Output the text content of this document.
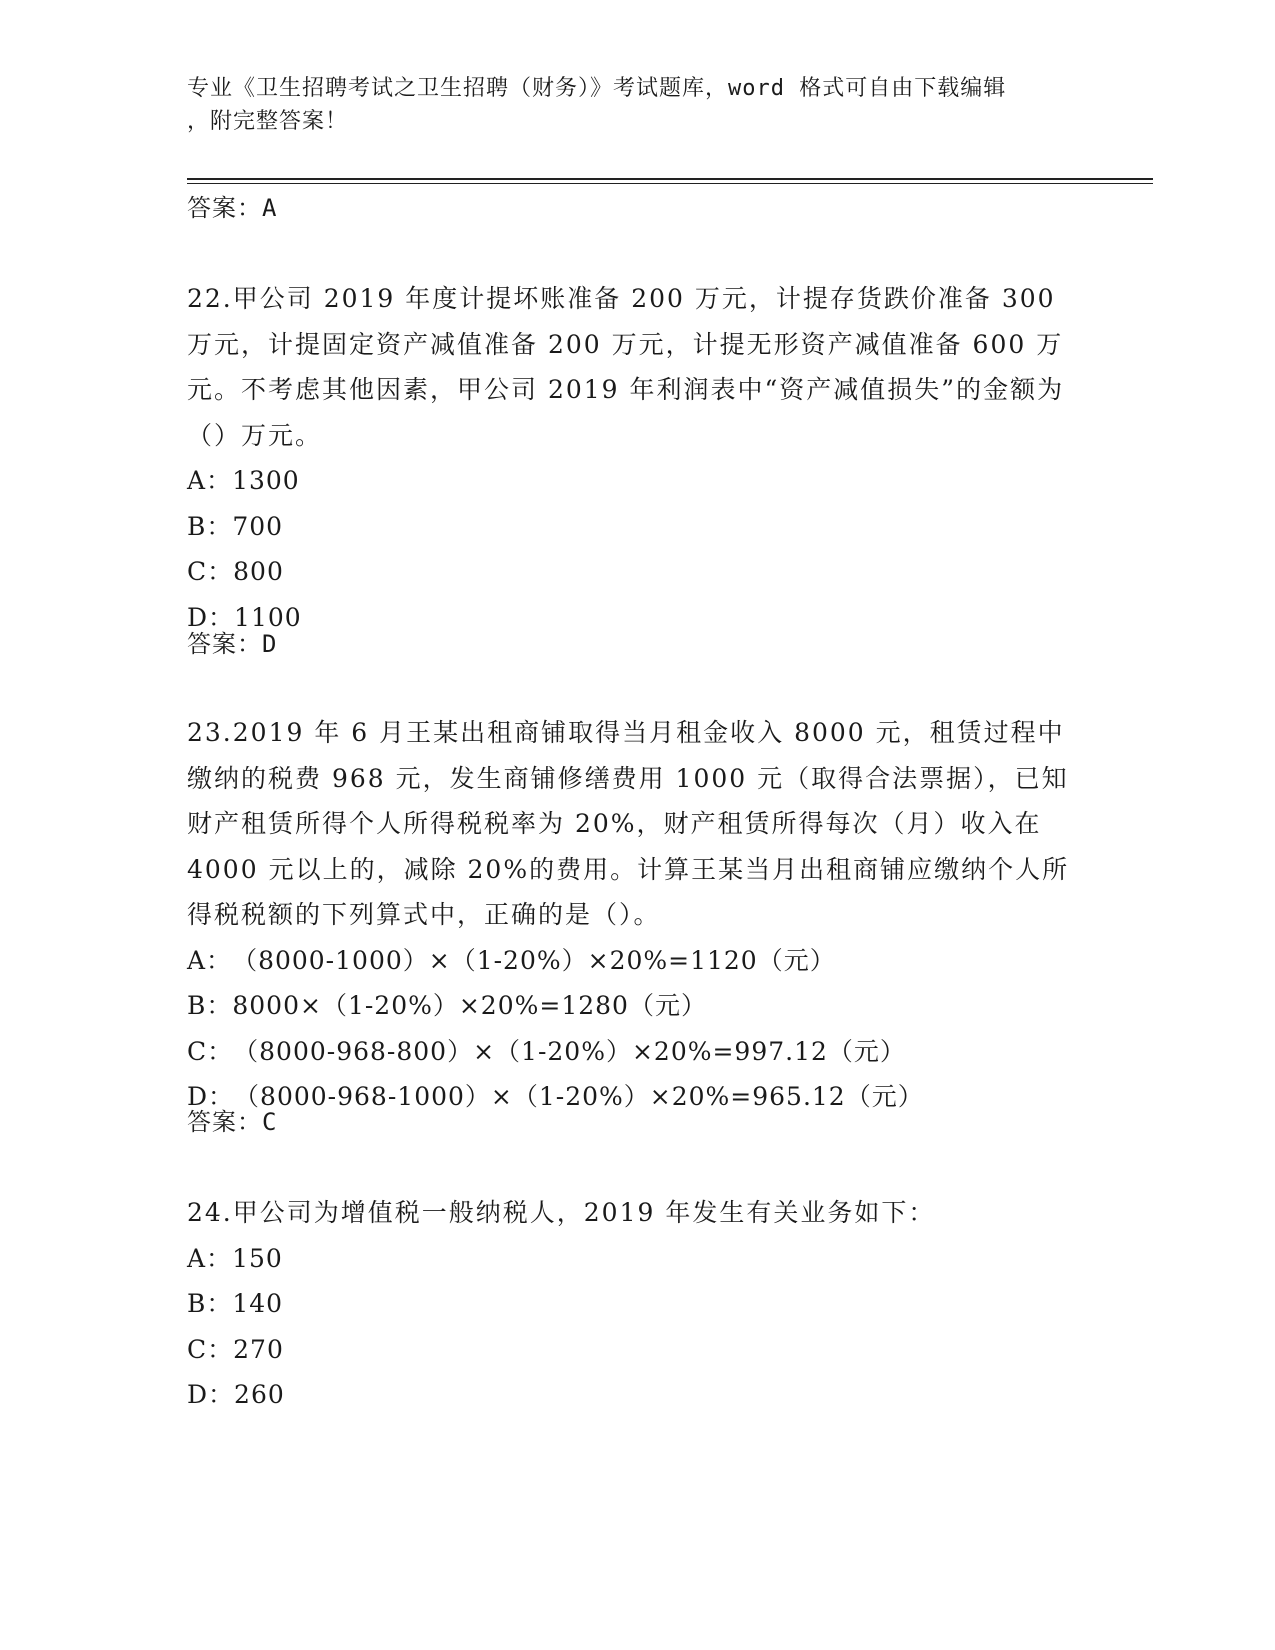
专业《卫生招聘考试之卫生招聘（财务）》考试题库，word 格式可自由下载编辑
，附完整答案！
答案：A

22.甲公司 2019 年度计提坏账准备 200 万元，计提存货跌价准备 300 万元，计提固定资产减值准备 200 万元，计提无形资产减值准备 600 万元。不考虑其他因素，甲公司 2019 年利润表中“资产减值损失”的金额为（）万元。

A：1300
B：700
C：800
D：1100
答案：D

23.2019 年 6 月王某出租商铺取得当月租金收入 8000 元，租赁过程中缴纳的税费 968 元，发生商铺修缮费用 1000 元（取得合法票据），已知财产租赁所得个人所得税税率为 20%，财产租赁所得每次（月）收入在 4000 元以上的，减除 20%的费用。计算王某当月出租商铺应缴纳个人所得税税额的下列算式中，正确的是（）。

A：（8000-1000）×（1-20%）×20%=1120（元）
B：8000×（1-20%）×20%=1280（元）
C：（8000-968-800）×（1-20%）×20%=997.12（元）
D：（8000-968-1000）×（1-20%）×20%=965.12（元）
答案：C

24.甲公司为增值税一般纳税人，2019 年发生有关业务如下：

A：150
B：140
C：270
D：260
